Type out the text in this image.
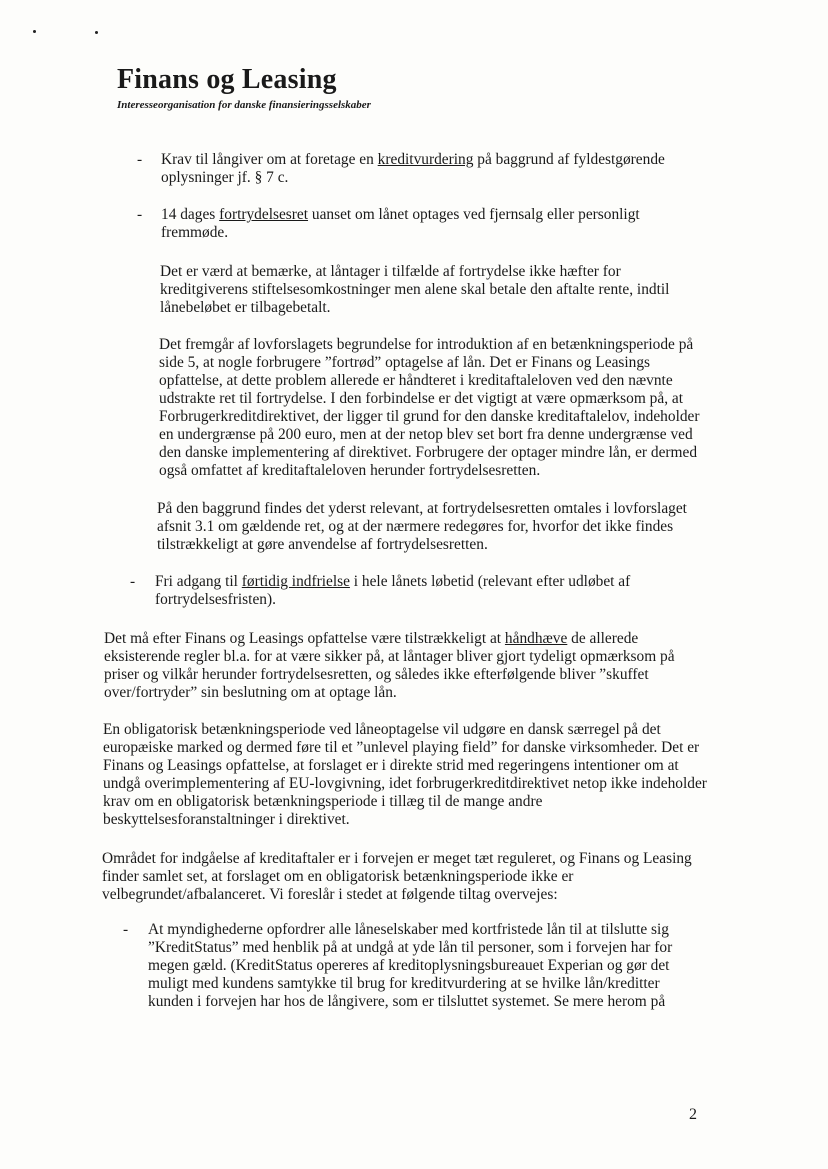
Finans og Leasing
Interesseorganisation for danske finansieringsselskaber
- Krav til långiver om at foretage en kreditvurdering på baggrund af fyldestgørende oplysninger jf. § 7 c.
- 14 dages fortrydelsesret uanset om lånet optages ved fjernsalg eller personligt fremmøde.
Det er værd at bemærke, at låntager i tilfælde af fortrydelse ikke hæfter for kreditgiverens stiftelsesomkostninger men alene skal betale den aftalte rente, indtil lånebeløbet er tilbagebetalt.
Det fremgår af lovforslagets begrundelse for introduktion af en betænkningsperiode på side 5, at nogle forbrugere ”fortrød” optagelse af lån. Det er Finans og Leasings opfattelse, at dette problem allerede er håndteret i kreditaftaleloven ved den nævnte udstrakte ret til fortrydelse. I den forbindelse er det vigtigt at være opmærksom på, at Forbrugerkreditdirektivet, der ligger til grund for den danske kreditaftalelov, indeholder en undergrænse på 200 euro, men at der netop blev set bort fra denne undergrænse ved den danske implementering af direktivet. Forbrugere der optager mindre lån, er dermed også omfattet af kreditaftaleloven herunder fortrydelsesretten.
På den baggrund findes det yderst relevant, at fortrydelsesretten omtales i lovforslaget afsnit 3.1 om gældende ret, og at der nærmere redegøres for, hvorfor det ikke findes tilstrækkeligt at gøre anvendelse af fortrydelsesretten.
- Fri adgang til førtidig indfrielse i hele lånets løbetid (relevant efter udløbet af fortrydelsesfristen).
Det må efter Finans og Leasings opfattelse være tilstrækkeligt at håndhæve de allerede eksisterende regler bl.a. for at være sikker på, at låntager bliver gjort tydeligt opmærksom på priser og vilkår herunder fortrydelsesretten, og således ikke efterfølgende bliver ”skuffet over/fortryder” sin beslutning om at optage lån.
En obligatorisk betænkningsperiode ved låneoptagelse vil udgøre en dansk særregel på det europæiske marked og dermed føre til et ”unlevel playing field” for danske virksomheder. Det er Finans og Leasings opfattelse, at forslaget er i direkte strid med regeringens intentioner om at undgå overimplementering af EU-lovgivning, idet forbrugerkreditdirektivet netop ikke indeholder krav om en obligatorisk betænkningsperiode i tillæg til de mange andre beskyttelsesforanstaltninger i direktivet.
Området for indgåelse af kreditaftaler er i forvejen er meget tæt reguleret, og Finans og Leasing finder samlet set, at forslaget om en obligatorisk betænkningsperiode ikke er velbegrundet/afbalanceret. Vi foreslår i stedet at følgende tiltag overvejes:
- At myndighederne opfordrer alle låneselskaber med kortfristede lån til at tilslutte sig ”KreditStatus” med henblik på at undgå at yde lån til personer, som i forvejen har for megen gæld. (KreditStatus opereres af kreditoplysningsbureauet Experian og gør det muligt med kundens samtykke til brug for kreditvurdering at se hvilke lån/kreditter kunden i forvejen har hos de långivere, som er tilsluttet systemet. Se mere herom på
2
